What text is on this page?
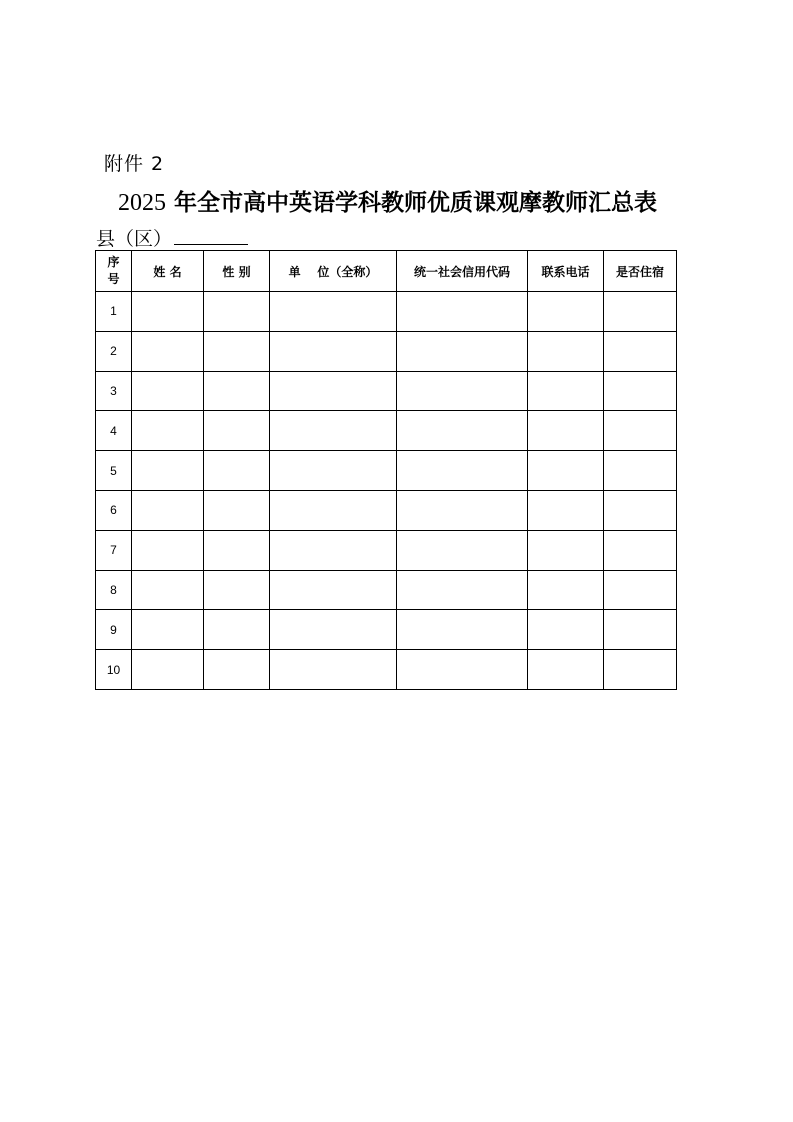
附件 2
2025 年全市高中英语学科教师优质课观摩教师汇总表
县（区）
序
号	姓 名	性 别	单    位（全称）	统一社会信用代码	联系电话	是否住宿
1						
2						
3						
4						
5						
6						
7						
8						
9						
10						
